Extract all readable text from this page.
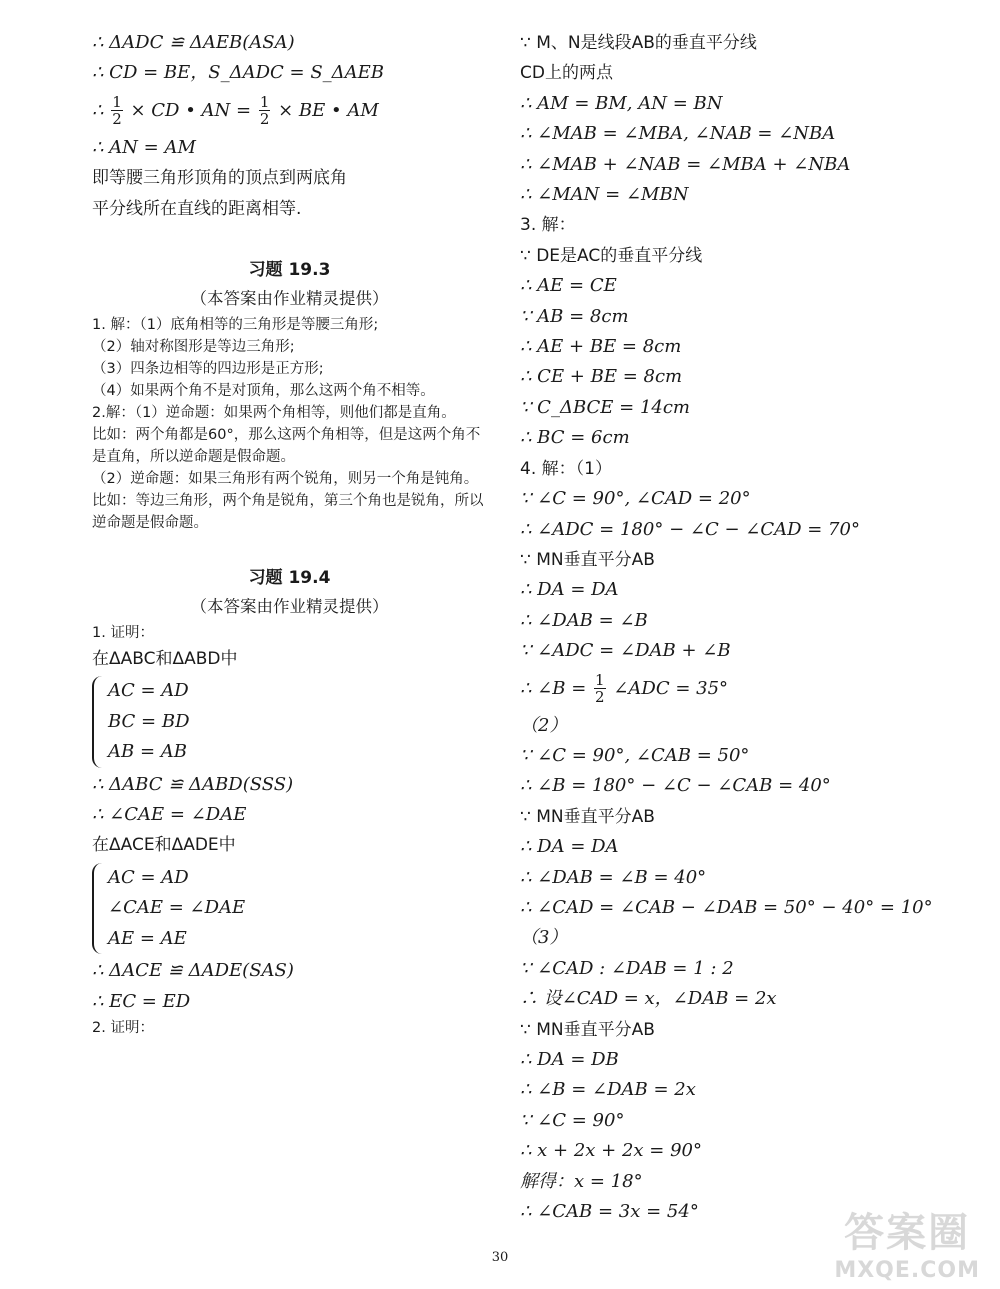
∴ ΔADC ≌ ΔAEB(ASA)
∴ CD = BE，S_ΔADC = S_ΔAEB
∴ $\frac{1}{2}$ × CD • AN = $\frac{1}{2}$ × BE • AM
∴ AN = AM
即等腰三角形顶角的顶点到两底角
平分线所在直线的距离相等.
习题 19.3
（本答案由作业精灵提供）
1. 解：（1）底角相等的三角形是等腰三角形;
（2）轴对称图形是等边三角形;
（3）四条边相等的四边形是正方形;
（4）如果两个角不是对顶角，那么这两个角不相等。
2.解：（1）逆命题：如果两个角相等，则他们都是直角。
比如：两个角都是60°，那么这两个角相等，但是这两个角不是直角，所以逆命题是假命题。
（2）逆命题：如果三角形有两个锐角，则另一个角是钝角。
比如：等边三角形，两个角是锐角，第三个角也是锐角，所以逆命题是假命题。
习题 19.4
（本答案由作业精灵提供）
1. 证明：
在ΔABC和ΔABD中
AC = AD
BC = BD
AB = AB
∴ ΔABC ≌ ΔABD(SSS)
∴ ∠CAE = ∠DAE
在ΔACE和ΔADE中
AC = AD
∠CAE = ∠DAE
AE = AE
∴ ΔACE ≌ ΔADE(SAS)
∴ EC = ED
2. 证明：
∵ M、N是线段AB的垂直平分线
CD上的两点
∴ AM = BM, AN = BN
∴ ∠MAB = ∠MBA, ∠NAB = ∠NBA
∴ ∠MAB + ∠NAB = ∠MBA + ∠NBA
∴ ∠MAN = ∠MBN
3. 解：
∵ DE是AC的垂直平分线
∴ AE = CE
∵ AB = 8cm
∴ AE + BE = 8cm
∴ CE + BE = 8cm
∵ C_ΔBCE = 14cm
∴ BC = 6cm
4. 解：（1）
∵ ∠C = 90°, ∠CAD = 20°
∴ ∠ADC = 180° − ∠C − ∠CAD = 70°
∵ MN垂直平分AB
∴ DA = DA
∴ ∠DAB = ∠B
∵ ∠ADC = ∠DAB + ∠B
∴ ∠B = $\frac{1}{2}$ ∠ADC = 35°
（2）
∵ ∠C = 90°, ∠CAB = 50°
∴ ∠B = 180° − ∠C − ∠CAB = 40°
∵ MN垂直平分AB
∴ DA = DA
∴ ∠DAB = ∠B = 40°
∴ ∠CAD = ∠CAB − ∠DAB = 50° − 40° = 10°
（3）
∵ ∠CAD : ∠DAB = 1 : 2
∴ 设∠CAD = x，∠DAB = 2x
∵ MN垂直平分AB
∴ DA = DB
∴ ∠B = ∠DAB = 2x
∵ ∠C = 90°
∴ x + 2x + 2x = 90°
解得：x = 18°
∴ ∠CAB = 3x = 54°
30
答案圈
MXQE.COM
